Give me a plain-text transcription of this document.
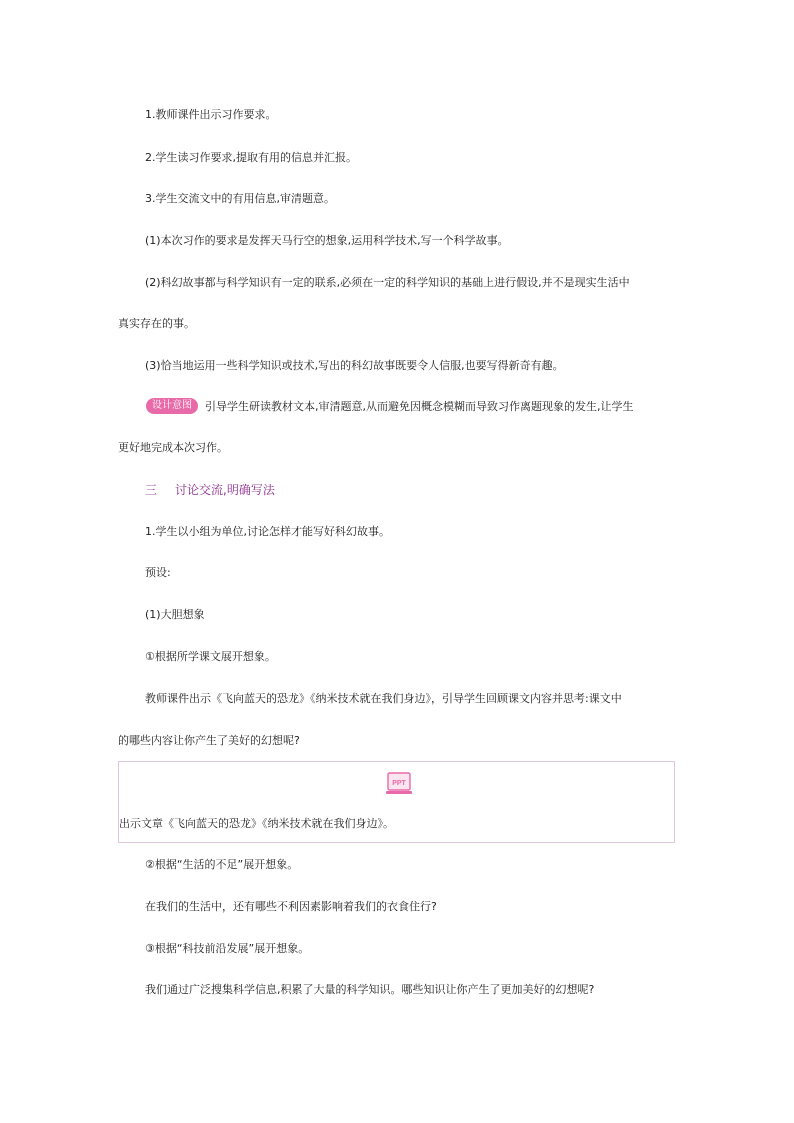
1.教师课件出示习作要求。
2.学生读习作要求,提取有用的信息并汇报。
3.学生交流文中的有用信息,审清题意。
(1)本次习作的要求是发挥天马行空的想象,运用科学技术,写一个科学故事。
(2)科幻故事都与科学知识有一定的联系,必须在一定的科学知识的基础上进行假设,并不是现实生活中
真实存在的事。
(3)恰当地运用一些科学知识或技术,写出的科幻故事既要令人信服,也要写得新奇有趣。
设计意图	引导学生研读教材文本,审清题意,从而避免因概念模糊而导致习作离题现象的发生,让学生
更好地完成本次习作。
三 讨论交流,明确写法
1.学生以小组为单位,讨论怎样才能写好科幻故事。
预设:
(1)大胆想象
①根据所学课文展开想象。
教师课件出示《飞向蓝天的恐龙》《纳米技术就在我们身边》，引导学生回顾课文内容并思考:课文中
的哪些内容让你产生了美好的幻想呢?
PPT
出示文章《飞向蓝天的恐龙》《纳米技术就在我们身边》。
②根据“生活的不足”展开想象。
在我们的生活中，还有哪些不利因素影响着我们的衣食住行?
③根据“科技前沿发展”展开想象。
我们通过广泛搜集科学信息,积累了大量的科学知识。哪些知识让你产生了更加美好的幻想呢?
